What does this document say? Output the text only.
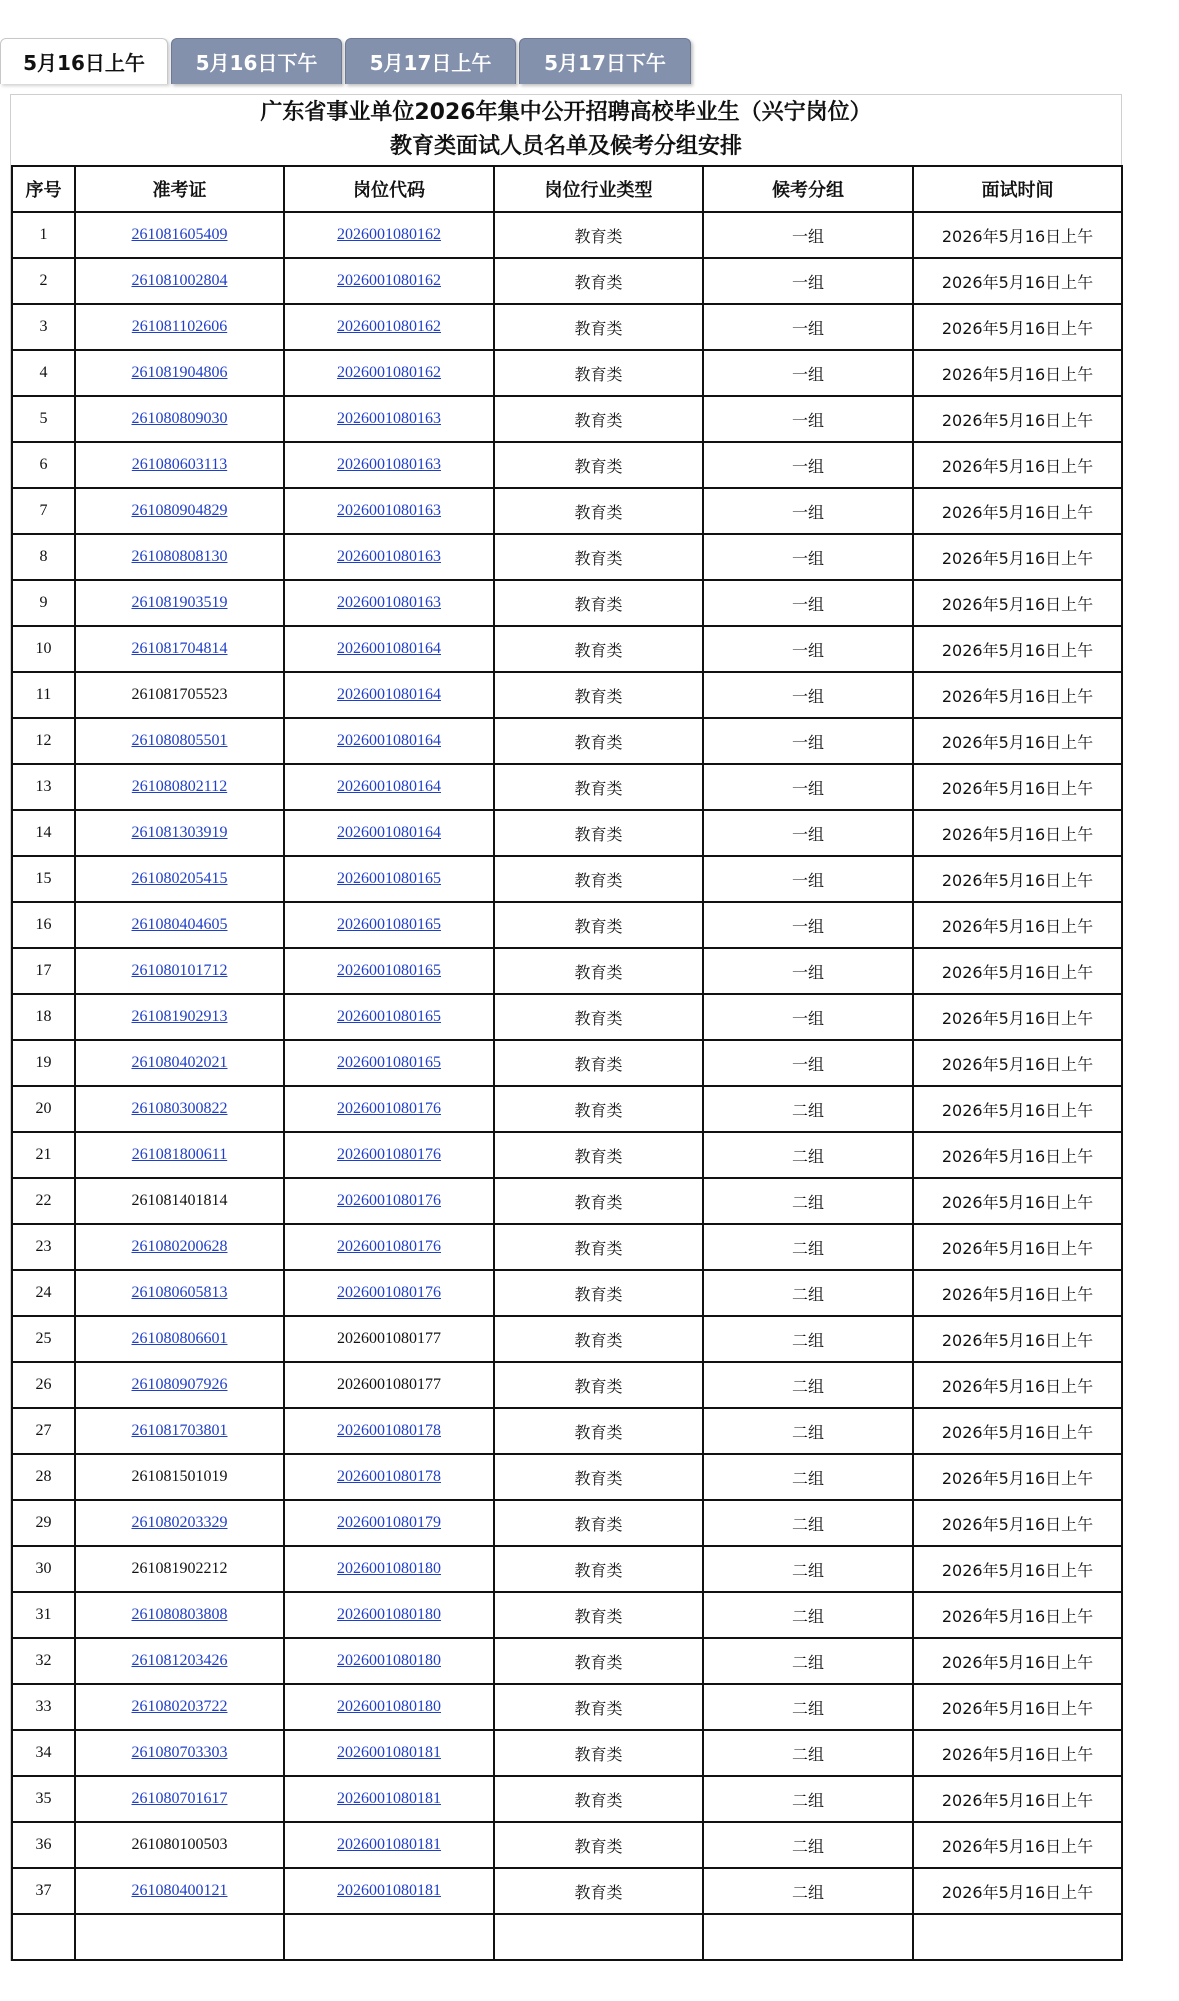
5月16日上午	5月16日下午	5月17日上午	5月17日下午
广东省事业单位2026年集中公开招聘高校毕业生（兴宁岗位）
教育类面试人员名单及候考分组安排
序号	准考证	岗位代码	岗位行业类型	候考分组	面试时间
1	261081605409	2026001080162	教育类	一组	2026年5月16日上午
2	261081002804	2026001080162	教育类	一组	2026年5月16日上午
3	261081102606	2026001080162	教育类	一组	2026年5月16日上午
4	261081904806	2026001080162	教育类	一组	2026年5月16日上午
5	261080809030	2026001080163	教育类	一组	2026年5月16日上午
6	261080603113	2026001080163	教育类	一组	2026年5月16日上午
7	261080904829	2026001080163	教育类	一组	2026年5月16日上午
8	261080808130	2026001080163	教育类	一组	2026年5月16日上午
9	261081903519	2026001080163	教育类	一组	2026年5月16日上午
10	261081704814	2026001080164	教育类	一组	2026年5月16日上午
11	261081705523	2026001080164	教育类	一组	2026年5月16日上午
12	261080805501	2026001080164	教育类	一组	2026年5月16日上午
13	261080802112	2026001080164	教育类	一组	2026年5月16日上午
14	261081303919	2026001080164	教育类	一组	2026年5月16日上午
15	261080205415	2026001080165	教育类	一组	2026年5月16日上午
16	261080404605	2026001080165	教育类	一组	2026年5月16日上午
17	261080101712	2026001080165	教育类	一组	2026年5月16日上午
18	261081902913	2026001080165	教育类	一组	2026年5月16日上午
19	261080402021	2026001080165	教育类	一组	2026年5月16日上午
20	261080300822	2026001080176	教育类	二组	2026年5月16日上午
21	261081800611	2026001080176	教育类	二组	2026年5月16日上午
22	261081401814	2026001080176	教育类	二组	2026年5月16日上午
23	261080200628	2026001080176	教育类	二组	2026年5月16日上午
24	261080605813	2026001080176	教育类	二组	2026年5月16日上午
25	261080806601	2026001080177	教育类	二组	2026年5月16日上午
26	261080907926	2026001080177	教育类	二组	2026年5月16日上午
27	261081703801	2026001080178	教育类	二组	2026年5月16日上午
28	261081501019	2026001080178	教育类	二组	2026年5月16日上午
29	261080203329	2026001080179	教育类	二组	2026年5月16日上午
30	261081902212	2026001080180	教育类	二组	2026年5月16日上午
31	261080803808	2026001080180	教育类	二组	2026年5月16日上午
32	261081203426	2026001080180	教育类	二组	2026年5月16日上午
33	261080203722	2026001080180	教育类	二组	2026年5月16日上午
34	261080703303	2026001080181	教育类	二组	2026年5月16日上午
35	261080701617	2026001080181	教育类	二组	2026年5月16日上午
36	261080100503	2026001080181	教育类	二组	2026年5月16日上午
37	261080400121	2026001080181	教育类	二组	2026年5月16日上午
